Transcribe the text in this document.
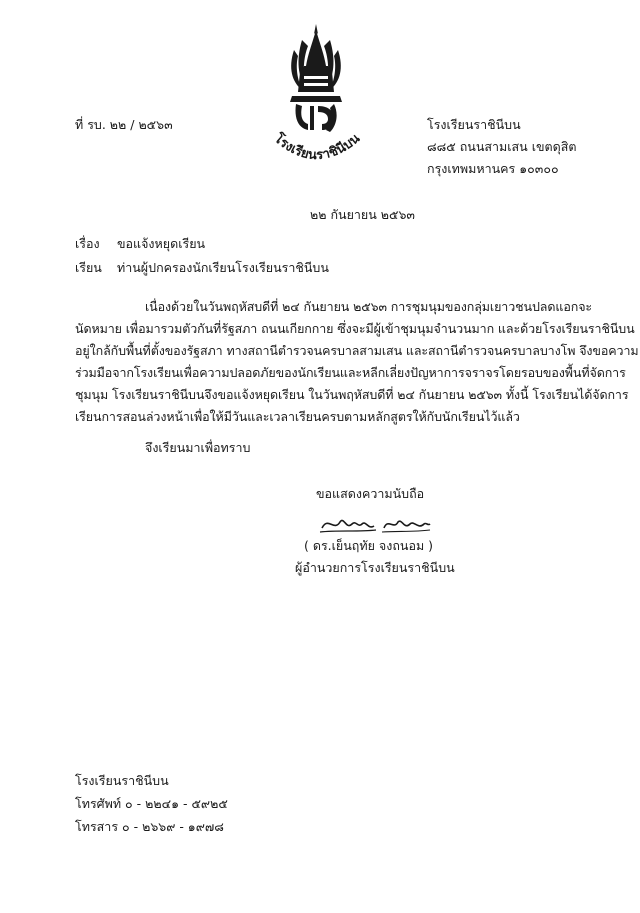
โรงเรียนราชินีบน
ที่ รบ. ๒๒ / ๒๕๖๓	โรงเรียนราชินีบน
๘๘๕ ถนนสามเสน เขตดุสิต
กรุงเทพมหานคร ๑๐๓๐๐
๒๒ กันยายน ๒๕๖๓
เรื่อง ขอแจ้งหยุดเรียน
เรียน ท่านผู้ปกครองนักเรียนโรงเรียนราชินีบน
เนื่องด้วยในวันพฤหัสบดีที่ ๒๔ กันยายน ๒๕๖๓ การชุมนุมของกลุ่มเยาวชนปลดแอกจะ
นัดหมาย เพื่อมารวมตัวกันที่รัฐสภา ถนนเกียกกาย ซึ่งจะมีผู้เข้าชุมนุมจำนวนมาก และด้วยโรงเรียนราชินีบน
อยู่ใกล้กับพื้นที่ตั้งของรัฐสภา ทางสถานีตำรวจนครบาลสามเสน และสถานีตำรวจนครบาลบางโพ จึงขอความ
ร่วมมือจากโรงเรียนเพื่อความปลอดภัยของนักเรียนและหลีกเลี่ยงปัญหาการจราจรโดยรอบของพื้นที่จัดการ
ชุมนุม โรงเรียนราชินีบนจึงขอแจ้งหยุดเรียน ในวันพฤหัสบดีที่ ๒๔ กันยายน ๒๕๖๓ ทั้งนี้ โรงเรียนได้จัดการ
เรียนการสอนล่วงหน้าเพื่อให้มีวันและเวลาเรียนครบตามหลักสูตรให้กับนักเรียนไว้แล้ว
จึงเรียนมาเพื่อทราบ
ขอแสดงความนับถือ
( ดร.เย็นฤทัย จงถนอม )
ผู้อำนวยการโรงเรียนราชินีบน
โรงเรียนราชินีบน
โทรศัพท์ ๐ - ๒๒๔๑ - ๕๙๒๕
โทรสาร ๐ - ๒๖๖๙ - ๑๙๗๘
